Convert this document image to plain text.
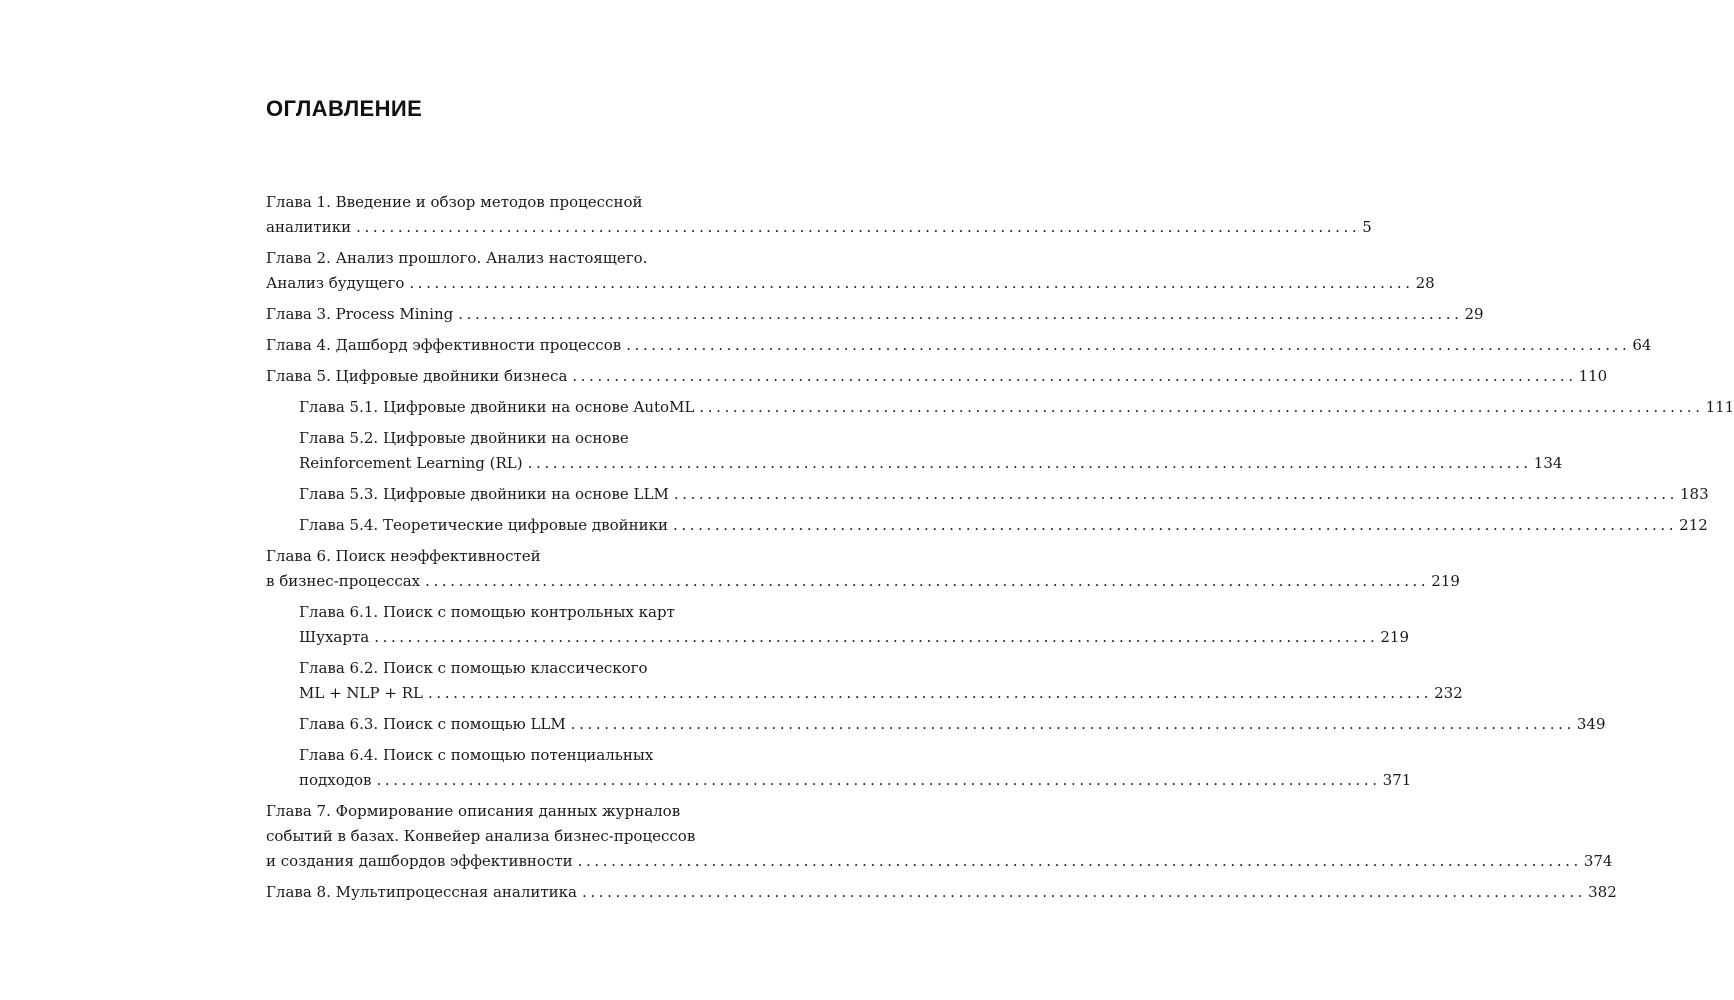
ОГЛАВЛЕНИЕ
Глава 1. Введение и обзор методов процессной
аналитики ........................................................................................................................ 5
Глава 2. Анализ прошлого. Анализ настоящего.
Анализ будущего ........................................................................................................................ 28
Глава 3. Process Mining ........................................................................................................................ 29
Глава 4. Дашборд эффективности процессов ........................................................................................................................ 64
Глава 5. Цифровые двойники бизнеса ........................................................................................................................ 110
Глава 5.1. Цифровые двойники на основе AutoML ........................................................................................................................ 111
Глава 5.2. Цифровые двойники на основе
Reinforcement Learning (RL) ........................................................................................................................ 134
Глава 5.3. Цифровые двойники на основе LLM ........................................................................................................................ 183
Глава 5.4. Теоретические цифровые двойники ........................................................................................................................ 212
Глава 6. Поиск неэффективностей
в бизнес-процессах ........................................................................................................................ 219
Глава 6.1. Поиск с помощью контрольных карт
Шухарта ........................................................................................................................ 219
Глава 6.2. Поиск с помощью классического
ML + NLP + RL ........................................................................................................................ 232
Глава 6.3. Поиск с помощью LLM ........................................................................................................................ 349
Глава 6.4. Поиск с помощью потенциальных
подходов ........................................................................................................................ 371
Глава 7. Формирование описания данных журналов
событий в базах. Конвейер анализа бизнес-процессов
и создания дашбордов эффективности ........................................................................................................................ 374
Глава 8. Мультипроцессная аналитика ........................................................................................................................ 382
